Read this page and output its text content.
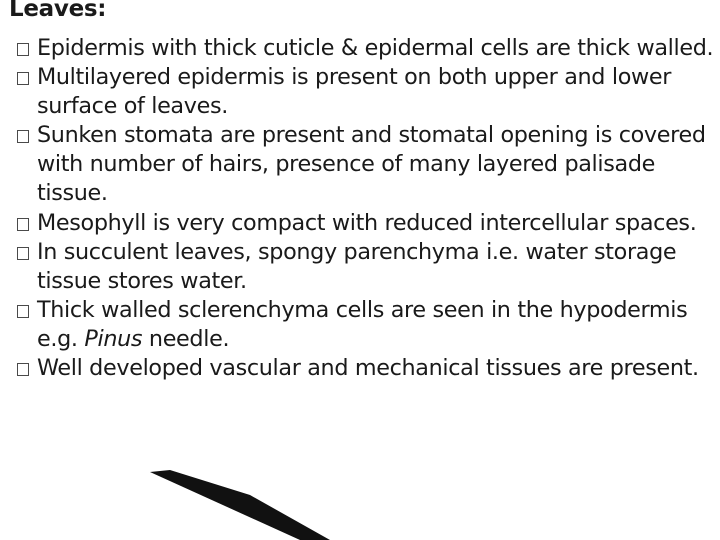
Leaves:
Epidermis with thick cuticle & epidermal cells are thick walled.
Multilayered epidermis is present on both upper and lower surface of leaves.
Sunken stomata are present and stomatal opening is covered with number of hairs, presence of many layered palisade tissue.
Mesophyll is very compact with reduced intercellular spaces.
In succulent leaves, spongy parenchyma i.e. water storage tissue stores water.
Thick walled sclerenchyma cells are seen in the hypodermis e.g. Pinus needle.
Well developed vascular and mechanical tissues are present.
